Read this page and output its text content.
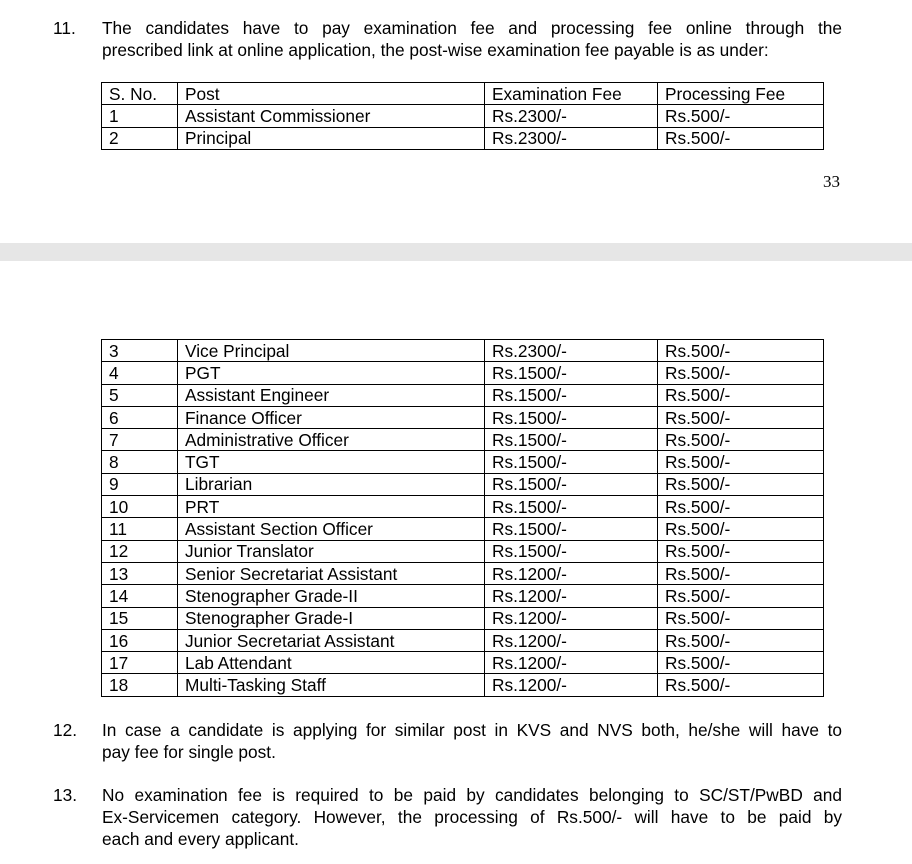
11. The candidates have to pay examination fee and processing fee online through the
prescribed link at online application, the post-wise examination fee payable is as under:
S. No.	Post	Examination Fee	Processing Fee
1	Assistant Commissioner	Rs.2300/-	Rs.500/-
2	Principal	Rs.2300/-	Rs.500/-
33
3	Vice Principal	Rs.2300/-	Rs.500/-
4	PGT	Rs.1500/-	Rs.500/-
5	Assistant Engineer	Rs.1500/-	Rs.500/-
6	Finance Officer	Rs.1500/-	Rs.500/-
7	Administrative Officer	Rs.1500/-	Rs.500/-
8	TGT	Rs.1500/-	Rs.500/-
9	Librarian	Rs.1500/-	Rs.500/-
10	PRT	Rs.1500/-	Rs.500/-
11	Assistant Section Officer	Rs.1500/-	Rs.500/-
12	Junior Translator	Rs.1500/-	Rs.500/-
13	Senior Secretariat Assistant	Rs.1200/-	Rs.500/-
14	Stenographer Grade-II	Rs.1200/-	Rs.500/-
15	Stenographer Grade-I	Rs.1200/-	Rs.500/-
16	Junior Secretariat Assistant	Rs.1200/-	Rs.500/-
17	Lab Attendant	Rs.1200/-	Rs.500/-
18	Multi-Tasking Staff	Rs.1200/-	Rs.500/-
12. In case a candidate is applying for similar post in KVS and NVS both, he/she will have to
pay fee for single post.
13. No examination fee is required to be paid by candidates belonging to SC/ST/PwBD and
Ex-Servicemen category. However, the processing of Rs.500/- will have to be paid by
each and every applicant.
